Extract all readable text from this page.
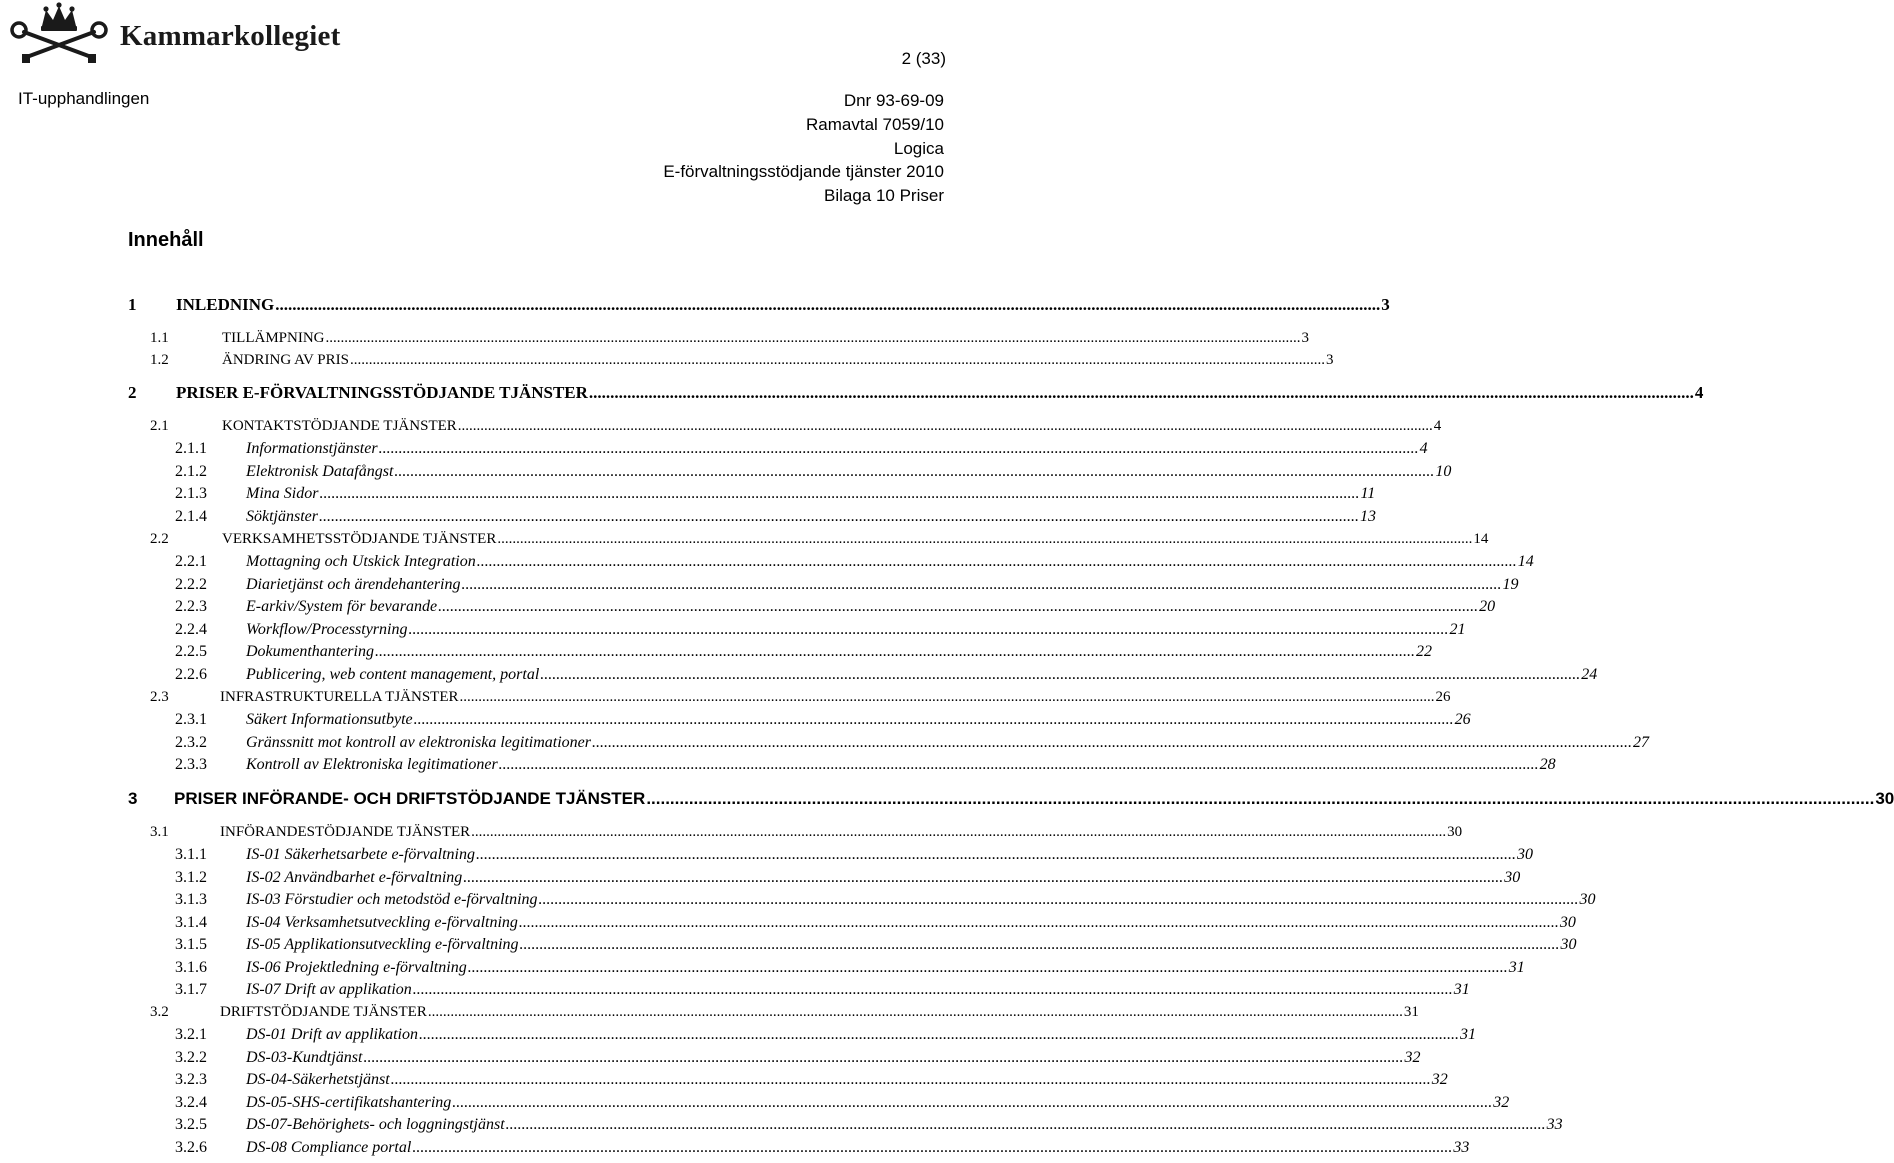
Kammarkollegiet
2 (33)
IT-upphandlingen	Dnr 93-69-09
Ramavtal 7059/10
Logica
E-förvaltningsstödjande tjänster 2010
Bilaga 10 Priser
Innehåll
1	INLEDNING .................................................................................................................................................................................................................................................................... 3
1.1	TILLÄMPNING .................................................................................................................................................................................................................................................................... 3
1.2	ÄNDRING AV PRIS .................................................................................................................................................................................................................................................................... 3
2	PRISER E-FÖRVALTNINGSSTÖDJANDE TJÄNSTER .................................................................................................................................................................................................................................................................... 4
2.1	KONTAKTSTÖDJANDE TJÄNSTER .................................................................................................................................................................................................................................................................... 4
2.1.1	Informationstjänster .................................................................................................................................................................................................................................................................... 4
2.1.2	Elektronisk Datafångst .................................................................................................................................................................................................................................................................... 10
2.1.3	Mina Sidor .................................................................................................................................................................................................................................................................... 11
2.1.4	Söktjänster .................................................................................................................................................................................................................................................................... 13
2.2	VERKSAMHETSSTÖDJANDE TJÄNSTER .................................................................................................................................................................................................................................................................... 14
2.2.1	Mottagning och Utskick Integration .................................................................................................................................................................................................................................................................... 14
2.2.2	Diarietjänst och ärendehantering .................................................................................................................................................................................................................................................................... 19
2.2.3	E-arkiv/System för bevarande .................................................................................................................................................................................................................................................................... 20
2.2.4	Workflow/Processtyrning .................................................................................................................................................................................................................................................................... 21
2.2.5	Dokumenthantering .................................................................................................................................................................................................................................................................... 22
2.2.6	Publicering, web content management, portal .................................................................................................................................................................................................................................................................... 24
2.3	INFRASTRUKTURELLA TJÄNSTER .................................................................................................................................................................................................................................................................... 26
2.3.1	Säkert Informationsutbyte .................................................................................................................................................................................................................................................................... 26
2.3.2	Gränssnitt mot kontroll av elektroniska legitimationer .................................................................................................................................................................................................................................................................... 27
2.3.3	Kontroll av Elektroniska legitimationer .................................................................................................................................................................................................................................................................... 28
3	PRISER INFÖRANDE- OCH DRIFTSTÖDJANDE TJÄNSTER .................................................................................................................................................................................................................................................................... 30
3.1	INFÖRANDESTÖDJANDE TJÄNSTER .................................................................................................................................................................................................................................................................... 30
3.1.1	IS-01 Säkerhetsarbete e-förvaltning .................................................................................................................................................................................................................................................................... 30
3.1.2	IS-02 Användbarhet e-förvaltning .................................................................................................................................................................................................................................................................... 30
3.1.3	IS-03 Förstudier och metodstöd e-förvaltning .................................................................................................................................................................................................................................................................... 30
3.1.4	IS-04 Verksamhetsutveckling e-förvaltning .................................................................................................................................................................................................................................................................... 30
3.1.5	IS-05 Applikationsutveckling e-förvaltning .................................................................................................................................................................................................................................................................... 30
3.1.6	IS-06 Projektledning e-förvaltning .................................................................................................................................................................................................................................................................... 31
3.1.7	IS-07 Drift av applikation .................................................................................................................................................................................................................................................................... 31
3.2	DRIFTSTÖDJANDE TJÄNSTER .................................................................................................................................................................................................................................................................... 31
3.2.1	DS-01 Drift av applikation .................................................................................................................................................................................................................................................................... 31
3.2.2	DS-03-Kundtjänst .................................................................................................................................................................................................................................................................... 32
3.2.3	DS-04-Säkerhetstjänst .................................................................................................................................................................................................................................................................... 32
3.2.4	DS-05-SHS-certifikatshantering .................................................................................................................................................................................................................................................................... 32
3.2.5	DS-07-Behörighets- och loggningstjänst .................................................................................................................................................................................................................................................................... 33
3.2.6	DS-08 Compliance portal .................................................................................................................................................................................................................................................................... 33
